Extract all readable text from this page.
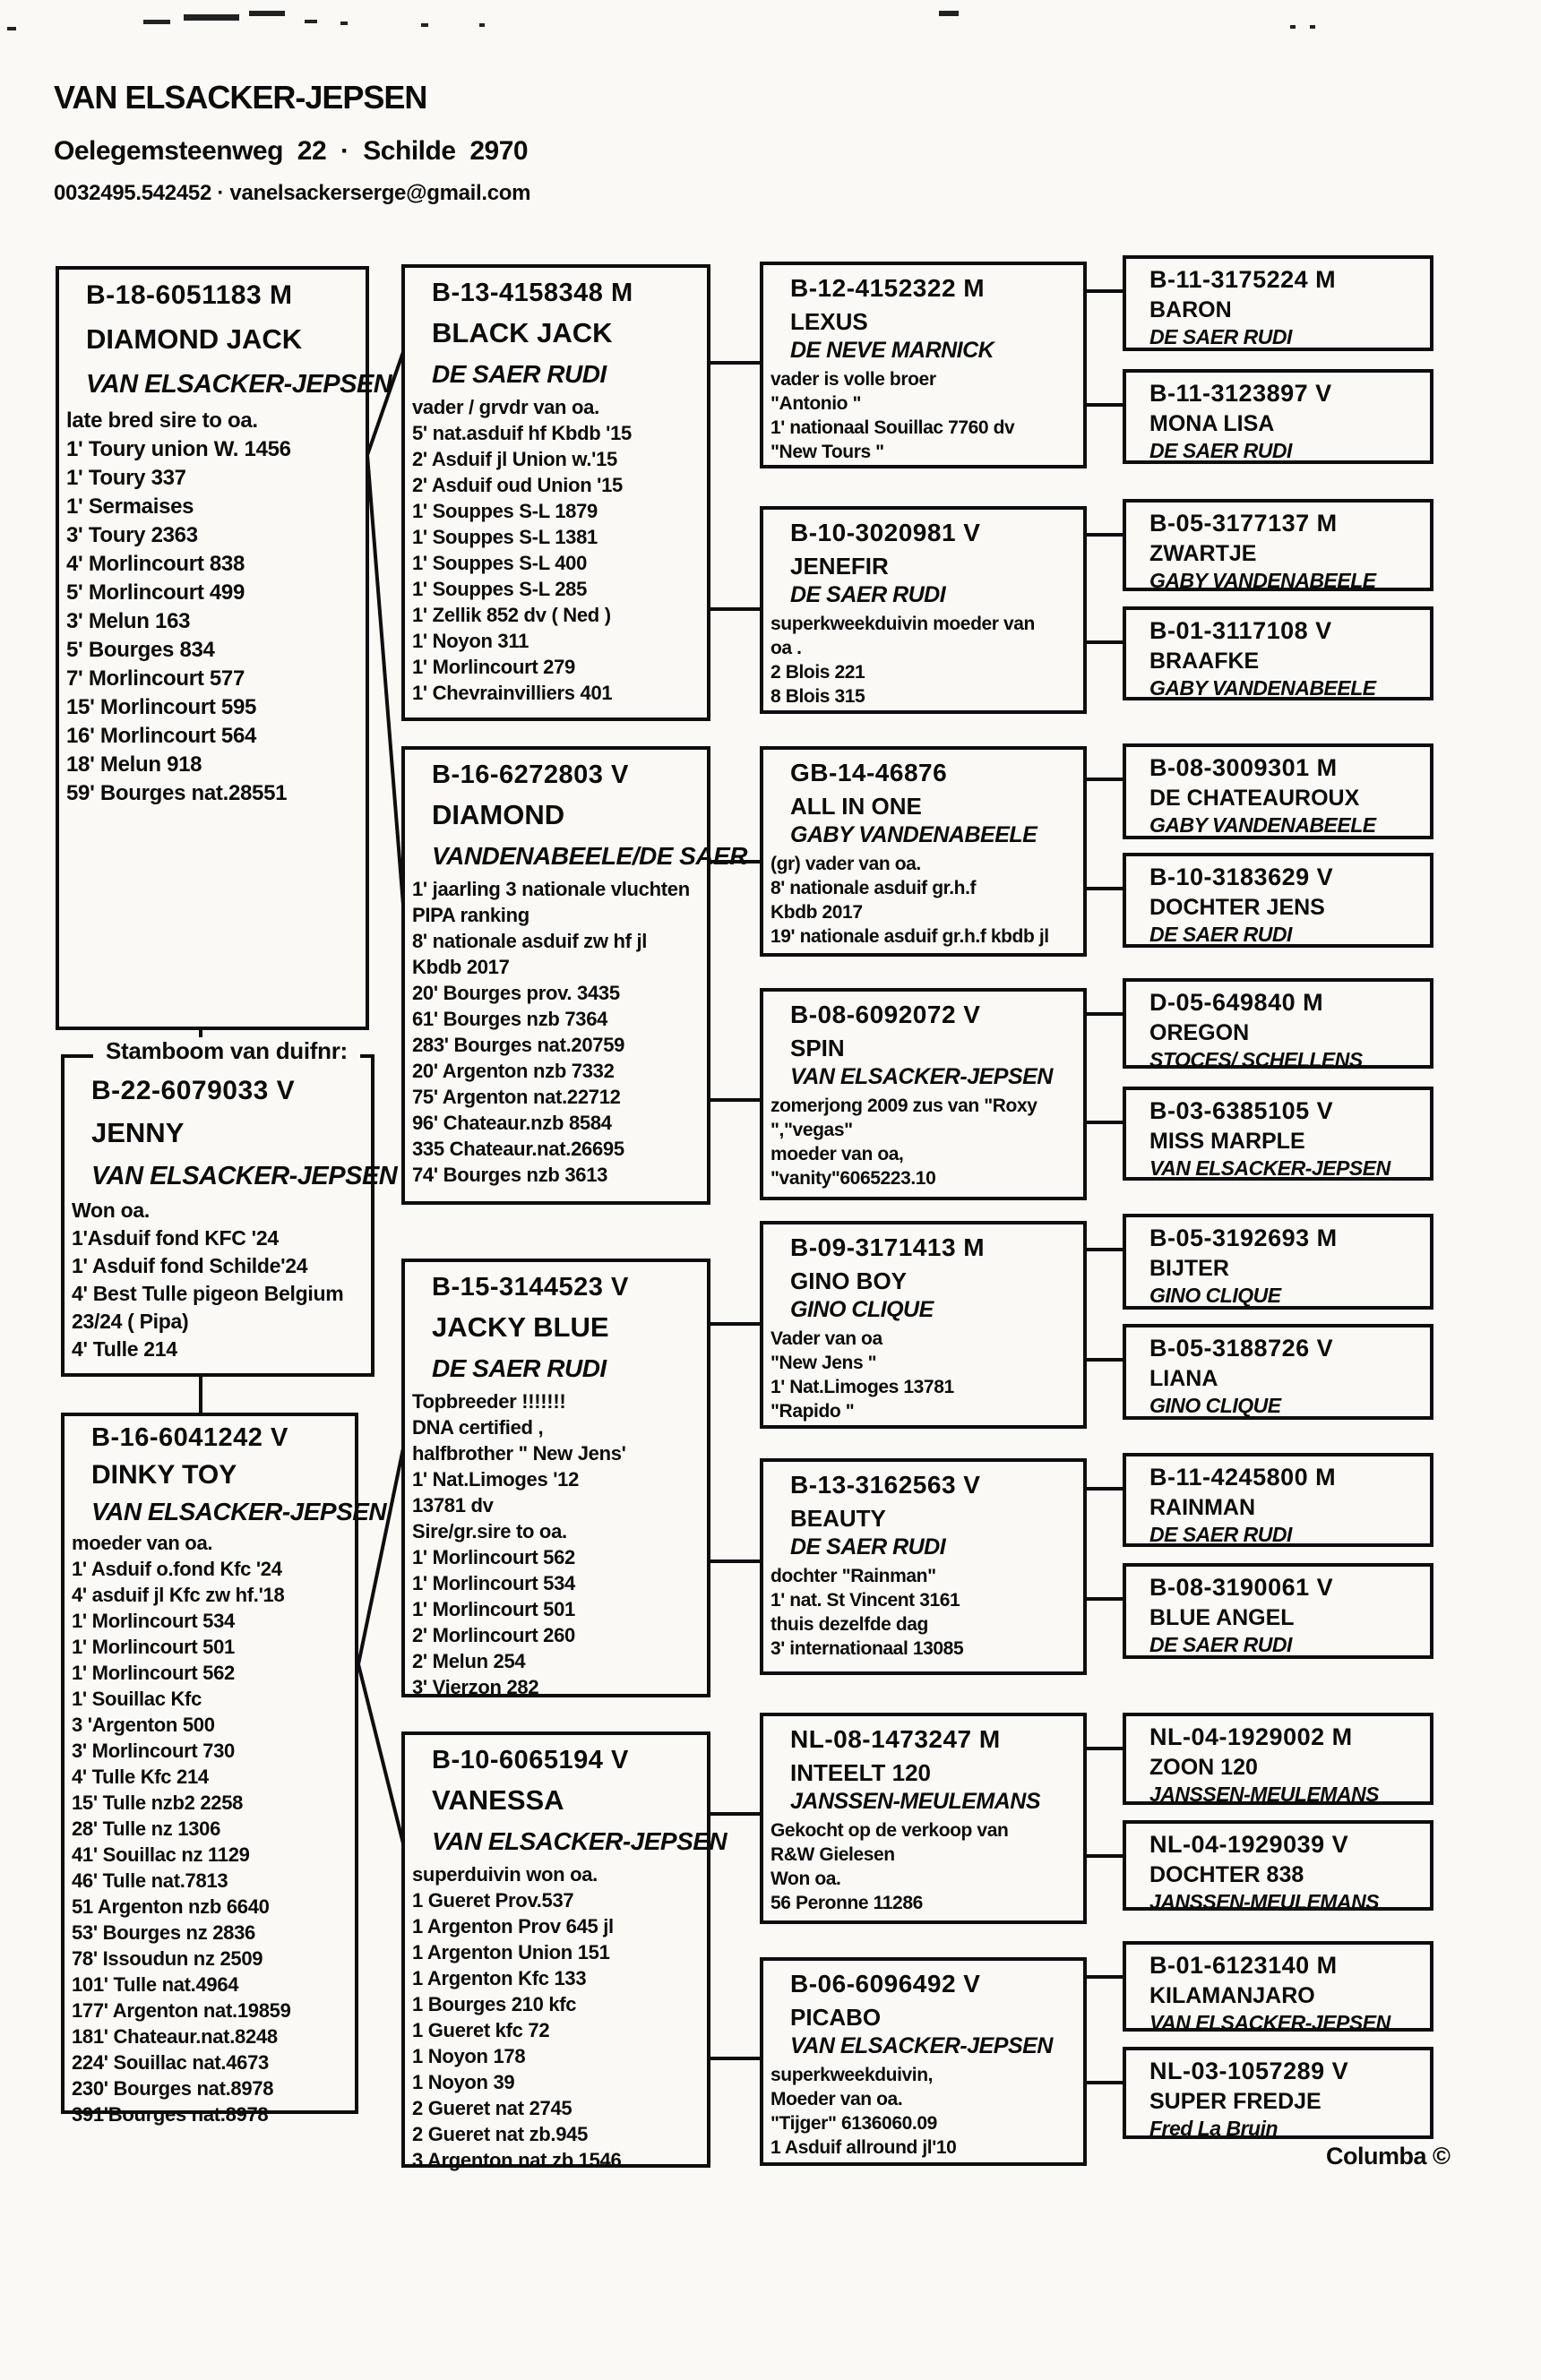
VAN ELSACKER-JEPSEN
Oelegemsteenweg 22 · Schilde 2970
0032495.542452 · vanelsackerserge@gmail.com
Stamboom van duifnr:
B-18-6051183 M
DIAMOND JACK
VAN ELSACKER-JEPSEN
late bred sire to oa.
1' Toury union W. 1456
1' Toury 337
1' Sermaises
3' Toury 2363
4' Morlincourt 838
5' Morlincourt 499
3' Melun 163
5' Bourges 834
7' Morlincourt 577
15' Morlincourt 595
16' Morlincourt 564
18' Melun 918
59' Bourges nat.28551
B-22-6079033 V
JENNY
VAN ELSACKER-JEPSEN
Won oa.
1'Asduif fond KFC '24
1' Asduif fond Schilde'24
4' Best Tulle pigeon Belgium
23/24 ( Pipa)
4' Tulle 214
B-16-6041242 V
DINKY TOY
VAN ELSACKER-JEPSEN
moeder van oa.
1' Asduif o.fond Kfc '24
4' asduif jl Kfc zw hf.'18
1' Morlincourt 534
1' Morlincourt 501
1' Morlincourt 562
1' Souillac Kfc
3 'Argenton 500
3' Morlincourt 730
4' Tulle Kfc 214
15' Tulle nzb2 2258
28' Tulle nz 1306
41' Souillac nz 1129
46' Tulle nat.7813
51 Argenton nzb 6640
53' Bourges nz 2836
78' Issoudun nz 2509
101' Tulle nat.4964
177' Argenton nat.19859
181' Chateaur.nat.8248
224' Souillac nat.4673
230' Bourges nat.8978
391'Bourges nat.8978
B-13-4158348 M
BLACK JACK
DE SAER RUDI
vader / grvdr van oa.
5' nat.asduif hf Kbdb '15
2' Asduif jl Union w.'15
2' Asduif oud Union '15
1' Souppes S-L 1879
1' Souppes S-L 1381
1' Souppes S-L 400
1' Souppes S-L 285
1' Zellik 852 dv ( Ned )
1' Noyon 311
1' Morlincourt 279
1' Chevrainvilliers 401
B-16-6272803 V
DIAMOND
VANDENABEELE/DE SAER
1' jaarling 3 nationale vluchten
PIPA ranking
8' nationale asduif zw hf jl
Kbdb 2017
20' Bourges prov. 3435
61' Bourges nzb 7364
283' Bourges nat.20759
20' Argenton nzb 7332
75' Argenton nat.22712
96' Chateaur.nzb 8584
335 Chateaur.nat.26695
74' Bourges nzb 3613
B-15-3144523 V
JACKY BLUE
DE SAER RUDI
Topbreeder !!!!!!!
DNA certified ,
halfbrother " New Jens'
1' Nat.Limoges '12
13781 dv
Sire/gr.sire to oa.
1' Morlincourt 562
1' Morlincourt 534
1' Morlincourt 501
2' Morlincourt 260
2' Melun 254
3' Vierzon 282
B-10-6065194 V
VANESSA
VAN ELSACKER-JEPSEN
superduivin won oa.
1 Gueret Prov.537
1 Argenton Prov 645 jl
1 Argenton Union 151
1 Argenton Kfc 133
1 Bourges 210 kfc
1 Gueret kfc 72
1 Noyon 178
1 Noyon 39
2 Gueret nat 2745
2 Gueret nat zb.945
3 Argenton nat zb 1546
B-12-4152322 M
LEXUS
DE NEVE MARNICK
vader is volle broer
"Antonio "
1' nationaal Souillac 7760 dv
"New Tours "
B-10-3020981 V
JENEFIR
DE SAER RUDI
superkweekduivin moeder van
oa .
2 Blois 221
8 Blois 315
GB-14-46876
ALL IN ONE
GABY VANDENABEELE
(gr) vader van oa.
8' nationale asduif gr.h.f
Kbdb 2017
19' nationale asduif gr.h.f kbdb jl
B-08-6092072 V
SPIN
VAN ELSACKER-JEPSEN
zomerjong 2009 zus van "Roxy
","vegas"
moeder van oa,
"vanity"6065223.10
B-09-3171413 M
GINO BOY
GINO CLIQUE
Vader van oa
"New Jens "
1' Nat.Limoges 13781
"Rapido "
B-13-3162563 V
BEAUTY
DE SAER RUDI
dochter "Rainman"
1' nat. St Vincent 3161
thuis dezelfde dag
3' internationaal 13085
NL-08-1473247 M
INTEELT 120
JANSSEN-MEULEMANS
Gekocht op de verkoop van
R&W Gielesen
Won oa.
56 Peronne 11286
B-06-6096492 V
PICABO
VAN ELSACKER-JEPSEN
superkweekduivin,
Moeder van oa.
"Tijger" 6136060.09
1 Asduif allround jl'10
B-11-3175224 M
BARON
DE SAER RUDI
B-11-3123897 V
MONA LISA
DE SAER RUDI
B-05-3177137 M
ZWARTJE
GABY VANDENABEELE
B-01-3117108 V
BRAAFKE
GABY VANDENABEELE
B-08-3009301 M
DE CHATEAUROUX
GABY VANDENABEELE
B-10-3183629 V
DOCHTER JENS
DE SAER RUDI
D-05-649840 M
OREGON
STOCES/ SCHELLENS
B-03-6385105 V
MISS MARPLE
VAN ELSACKER-JEPSEN
B-05-3192693 M
BIJTER
GINO CLIQUE
B-05-3188726 V
LIANA
GINO CLIQUE
B-11-4245800 M
RAINMAN
DE SAER RUDI
B-08-3190061 V
BLUE ANGEL
DE SAER RUDI
NL-04-1929002 M
ZOON 120
JANSSEN-MEULEMANS
NL-04-1929039 V
DOCHTER 838
JANSSEN-MEULEMANS
B-01-6123140 M
KILAMANJARO
VAN ELSACKER-JEPSEN
NL-03-1057289 V
SUPER FREDJE
Fred La Bruin
Columba ©
